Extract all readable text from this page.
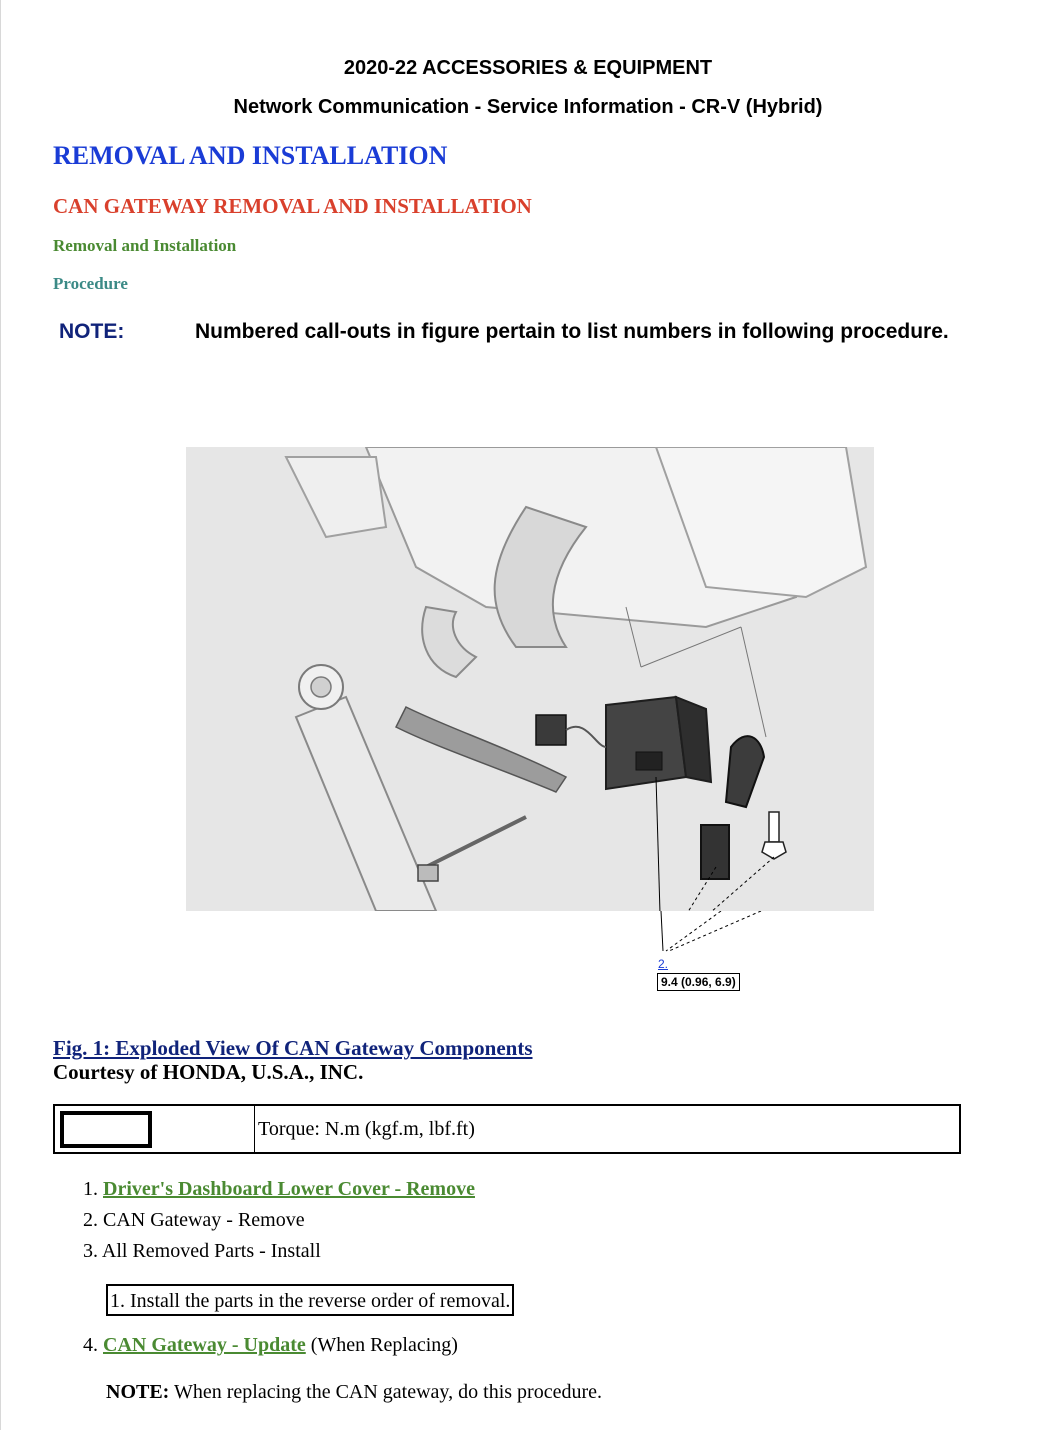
2020-22 ACCESSORIES & EQUIPMENT
Network Communication - Service Information - CR-V (Hybrid)
REMOVAL AND INSTALLATION
CAN GATEWAY REMOVAL AND INSTALLATION
Removal and Installation
Procedure
NOTE:	Numbered call-outs in figure pertain to list numbers in following procedure.
2.
9.4 (0.96, 6.9)
Fig. 1: Exploded View Of CAN Gateway Components
Courtesy of HONDA, U.S.A., INC.
Torque: N.m (kgf.m, lbf.ft)
1. Driver's Dashboard Lower Cover - Remove
2. CAN Gateway - Remove
3. All Removed Parts - Install
1. Install the parts in the reverse order of removal.
4. CAN Gateway - Update (When Replacing)
NOTE: When replacing the CAN gateway, do this procedure.
